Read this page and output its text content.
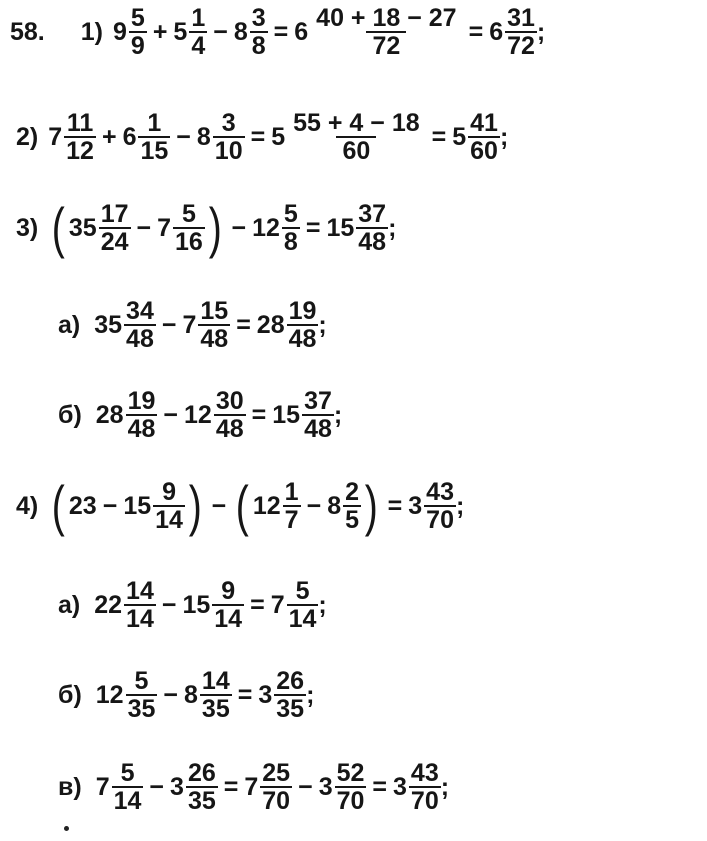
58. 1) $9 \frac{5}{9} + 5 \frac{1}{4} - 8 \frac{3}{8} = 6 \frac{40 + 18 - 27}{72} = 6 \frac{31}{72}$ ;
2) $7 \frac{11}{12} + 6 \frac{1}{15} - 8 \frac{3}{10} = 5 \frac{55 + 4 - 18}{60} = 5 \frac{41}{60}$ ;
3) ( $35 \frac{17}{24} - 7 \frac{5}{16}$ ) − $12 \frac{5}{8} = 15 \frac{37}{48}$ ;
а) $35 \frac{34}{48} - 7 \frac{15}{48} = 28 \frac{19}{48}$ ;
б) $28 \frac{19}{48} - 12 \frac{30}{48} = 15 \frac{37}{48}$ ;
4) ( $23 - 15 \frac{9}{14}$ ) − ( $12 \frac{1}{7} - 8 \frac{2}{5}$ ) = $3 \frac{43}{70}$ ;
а) $22 \frac{14}{14} - 15 \frac{9}{14} = 7 \frac{5}{14}$ ;
б) $12 \frac{5}{35} - 8 \frac{14}{35} = 3 \frac{26}{35}$ ;
в) $7 \frac{5}{14} - 3 \frac{26}{35} = 7 \frac{25}{70} - 3 \frac{52}{70} = 3 \frac{43}{70}$ ;
